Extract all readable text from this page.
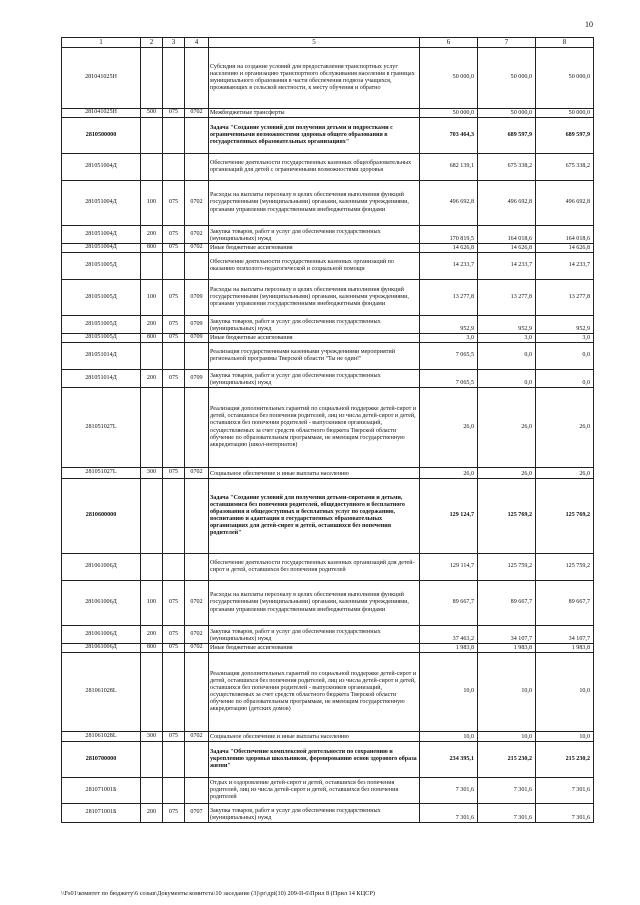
10
1	2	3	4	5	6	7	8
281041025Н				Субсидии на создание условий для предоставления транспортных услуг населению и организацию транспортного обслуживания населения в границах муниципального образования в части обеспечения подвоза учащихся, проживающих в сельской местности, к месту обучения и обратно	50 000,0	50 000,0	50 000,0
281041025Н	500	075	0702	Межбюджетные трансферты	50 000,0	50 000,0	50 000,0
2810500000				Задача "Создание условий для получения детьми и подростками с ограниченными возможностями здоровья общего образования в государственных образовательных организациях"	703 464,3	689 597,9	689 597,9
281051004Д				Обеспечение деятельности государственных казенных общеобразовательных организаций для детей с ограниченными возможностями здоровья	682 139,1	675 338,2	675 338,2
281051004Д	100	075	0702	Расходы на выплаты персоналу в целях обеспечения выполнения функций государственными (муниципальными) органами, казенными учреждениями, органами управления государственными внебюджетными фондами	496 692,8	496 692,8	496 692,8
281051004Д	200	075	0702	Закупка товаров, работ и услуг для обеспечения государственных (муниципальных) нужд	170 819,5	164 018,6	164 018,6
281051004Д	800	075	0702	Иные бюджетные ассигнования	14 626,8	14 626,8	14 626,8
281051005Д				Обеспечение деятельности государственных казенных организаций по оказанию психолого-педагогической и социальной помощи	14 233,7	14 233,7	14 233,7
281051005Д	100	075	0709	Расходы на выплаты персоналу в целях обеспечения выполнения функций государственными (муниципальными) органами, казенными учреждениями, органами управления государственными внебюджетными фондами	13 277,8	13 277,8	13 277,8
281051005Д	200	075	0709	Закупка товаров, работ и услуг для обеспечения государственных (муниципальных) нужд	952,9	952,9	952,9
281051005Д	800	075	0709	Иные бюджетные ассигнования	3,0	3,0	3,0
281051014Д				Реализация государственными казенными учреждениями мероприятий региональной программы Тверской области "Ты не один!"	7 065,5	0,0	0,0
281051014Д	200	075	0709	Закупка товаров, работ и услуг для обеспечения государственных (муниципальных) нужд	7 065,5	0,0	0,0
281051027L				Реализация дополнительных гарантий по социальной поддержке детей-сирот и детей, оставшихся без попечения родителей, лиц из числа детей-сирот и детей, оставшихся без попечения родителей - выпускников организаций, осуществляемых за счет средств областного бюджета Тверской области обучение по образовательным программам, не имеющим государственную аккредитацию (школ-интернатов)	26,0	26,0	26,0
281051027L	300	075	0702	Социальное обеспечение и иные выплаты населению	26,0	26,0	26,0
2810600000				Задача "Создание условий для получения детьми-сиротами и детьми, оставшимися без попечения родителей, общедоступного и бесплатного образования и общедоступных и бесплатных услуг по содержанию, воспитанию и адаптации в государственных образовательных организациях для детей-сирот и детей, оставшихся без попечения родителей"	129 124,7	125 769,2	125 769,2
281061006Д				Обеспечение деятельности государственных казенных организаций для детей-сирот и детей, оставшихся без попечения родителей	129 114,7	125 759,2	125 759,2
281061006Д	100	075	0702	Расходы на выплаты персоналу в целях обеспечения выполнения функций государственными (муниципальными) органами, казенными учреждениями, органами управления государственными внебюджетными фондами	89 667,7	89 667,7	89 667,7
281061006Д	200	075	0702	Закупка товаров, работ и услуг для обеспечения государственных (муниципальных) нужд	37 463,2	34 107,7	34 107,7
281061006Д	800	075	0702	Иные бюджетные ассигнования	1 983,8	1 983,8	1 983,8
281061028L				Реализация дополнительных гарантий по социальной поддержке детей-сирот и детей, оставшихся без попечения родителей, лиц из числа детей-сирот и детей, оставшихся без попечения родителей - выпускников организаций, осуществляемых за счет средств областного бюджета Тверской области обучение по образовательным программам, не имеющим государственную аккредитацию (детских домов)	10,0	10,0	10,0
281061028L	300	075	0702	Социальное обеспечение и иные выплаты населению	10,0	10,0	10,0
2810700000				Задача "Обеспечение комплексной деятельности по сохранению и укреплению здоровья школьников, формированию основ здорового образа жизни"	234 395,1	215 230,2	215 230,2
281071001Б				Отдых и оздоровление детей-сирот и детей, оставшихся без попечения родителей, лиц из числа детей-сирот и детей, оставшихся без попечения родителей	7 301,6	7 301,6	7 301,6
281071001Б	200	075	0707	Закупка товаров, работ и услуг для обеспечения государственных (муниципальных) нужд	7 301,6	7 301,6	7 301,6
\\Fs01\комитет по бюджету\6 созыв\Документы комитета\10 заседание (3)\pr\дрi(10) 209-II-6\Прил 8 (Прил 14 КЦСР)
